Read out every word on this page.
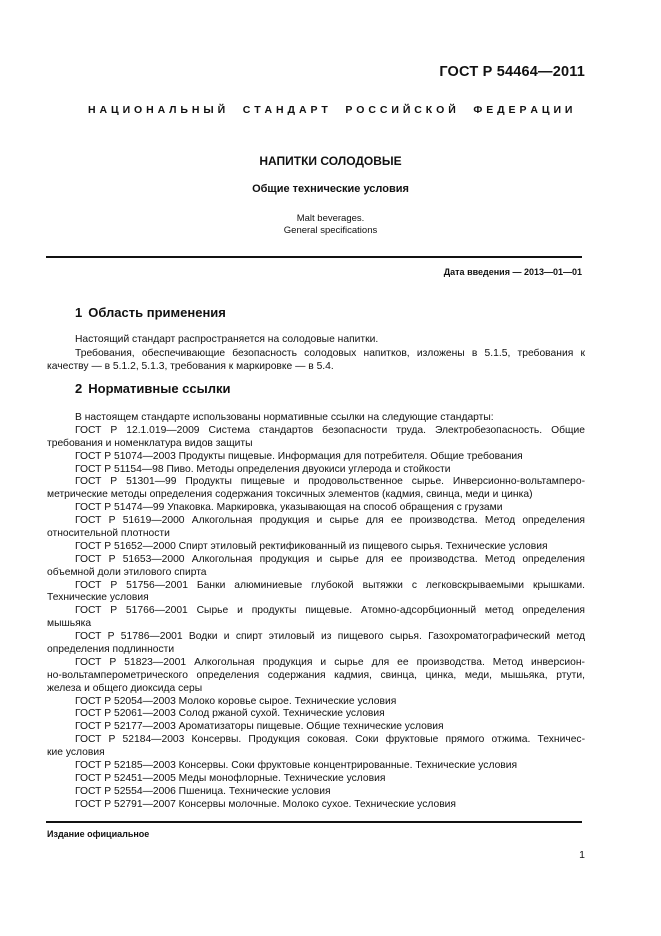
ГОСТ Р 54464—2011
Н А Ц И О Н А Л Ь Н Ы Й     С Т А Н Д А Р Т     Р О С С И Й С К О Й     Ф Е Д Е Р А Ц И И
НАПИТКИ СОЛОДОВЫЕ
Общие технические условия
Malt beverages.
General specifications
Дата введения — 2013—01—01
1 Область применения
Настоящий стандарт распространяется на солодовые напитки.
Требования, обеспечивающие безопасность солодовых напитков, изложены в 5.1.5, требования к
качеству — в 5.1.2, 5.1.3, требования к маркировке — в 5.4.
2 Нормативные ссылки
В настоящем стандарте использованы нормативные ссылки на следующие стандарты:
ГОСТ Р 12.1.019—2009 Система стандартов безопасности труда. Электробезопасность. Общие
требования и номенклатура видов защиты
ГОСТ Р 51074—2003 Продукты пищевые. Информация для потребителя. Общие требования
ГОСТ Р 51154—98 Пиво. Методы определения двуокиси углерода и стойкости
ГОСТ Р 51301—99 Продукты пищевые и продовольственное сырье. Инверсионно-вольтамперо-
метрические методы определения содержания токсичных элементов (кадмия, свинца, меди и цинка)
ГОСТ Р 51474—99 Упаковка. Маркировка, указывающая на способ обращения с грузами
ГОСТ Р 51619—2000 Алкогольная продукция и сырье для ее производства. Метод определения
относительной плотности
ГОСТ Р 51652—2000 Спирт этиловый ректификованный из пищевого сырья. Технические условия
ГОСТ Р 51653—2000 Алкогольная продукция и сырье для ее производства. Метод определения
объемной доли этилового спирта
ГОСТ Р 51756—2001 Банки алюминиевые глубокой вытяжки с легковскрываемыми крышками.
Технические условия
ГОСТ Р 51766—2001 Сырье и продукты пищевые. Атомно-адсорбционный метод определения
мышьяка
ГОСТ Р 51786—2001 Водки и спирт этиловый из пищевого сырья. Газохроматографический метод
определения подлинности
ГОСТ Р 51823—2001 Алкогольная продукция и сырье для ее производства. Метод инверсион-
но-вольтамперометрического определения содержания кадмия, свинца, цинка, меди, мышьяка, ртути,
железа и общего диоксида серы
ГОСТ Р 52054—2003 Молоко коровье сырое. Технические условия
ГОСТ Р 52061—2003 Солод ржаной сухой. Технические условия
ГОСТ Р 52177—2003 Ароматизаторы пищевые. Общие технические условия
ГОСТ Р 52184—2003 Консервы. Продукция соковая. Соки фруктовые прямого отжима. Техничес-
кие условия
ГОСТ Р 52185—2003 Консервы. Соки фруктовые концентрированные. Технические условия
ГОСТ Р 52451—2005 Меды монофлорные. Технические условия
ГОСТ Р 52554—2006 Пшеница. Технические условия
ГОСТ Р 52791—2007 Консервы молочные. Молоко сухое. Технические условия
Издание официальное
1
